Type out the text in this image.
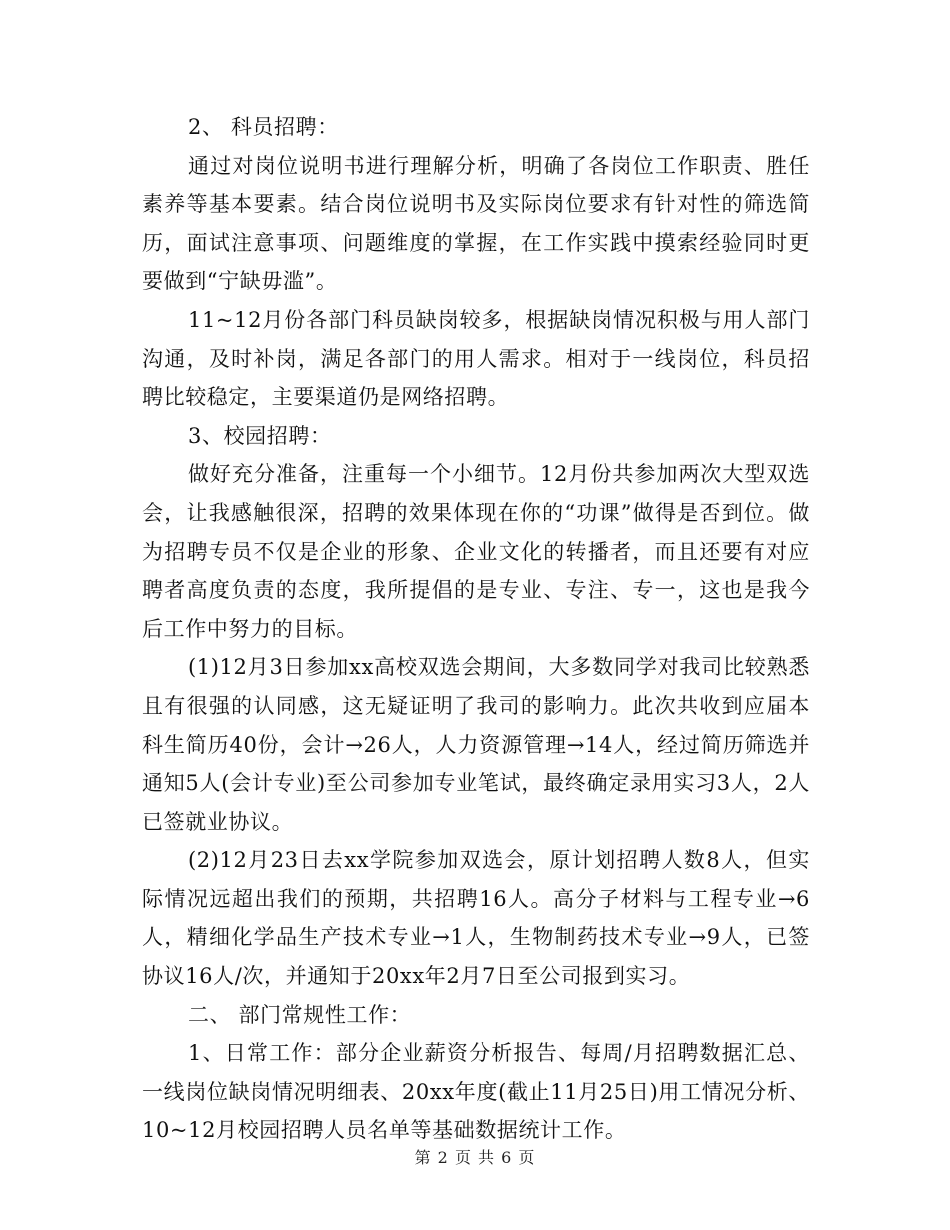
2、 科员招聘：

通过对岗位说明书进行理解分析，明确了各岗位工作职责、胜任素养等基本要素。结合岗位说明书及实际岗位要求有针对性的筛选简历，面试注意事项、问题维度的掌握，在工作实践中摸索经验同时更要做到“宁缺毋滥”。

11~12月份各部门科员缺岗较多，根据缺岗情况积极与用人部门沟通，及时补岗，满足各部门的用人需求。相对于一线岗位，科员招聘比较稳定，主要渠道仍是网络招聘。

3、校园招聘：

做好充分准备，注重每一个小细节。12月份共参加两次大型双选会，让我感触很深，招聘的效果体现在你的“功课”做得是否到位。做为招聘专员不仅是企业的形象、企业文化的转播者，而且还要有对应聘者高度负责的态度，我所提倡的是专业、专注、专一，这也是我今后工作中努力的目标。

(1)12月3日参加xx高校双选会期间，大多数同学对我司比较熟悉且有很强的认同感，这无疑证明了我司的影响力。此次共收到应届本科生简历40份，会计→26人，人力资源管理→14人，经过简历筛选并通知5人(会计专业)至公司参加专业笔试，最终确定录用实习3人，2人已签就业协议。

(2)12月23日去xx学院参加双选会，原计划招聘人数8人，但实际情况远超出我们的预期，共招聘16人。高分子材料与工程专业→6人，精细化学品生产技术专业→1人，生物制药技术专业→9人，已签协议16人/次，并通知于20xx年2月7日至公司报到实习。

二、 部门常规性工作：

1、日常工作：部分企业薪资分析报告、每周/月招聘数据汇总、一线岗位缺岗情况明细表、20xx年度(截止11月25日)用工情况分析、10~12月校园招聘人员名单等基础数据统计工作。

第 2 页 共 6 页
